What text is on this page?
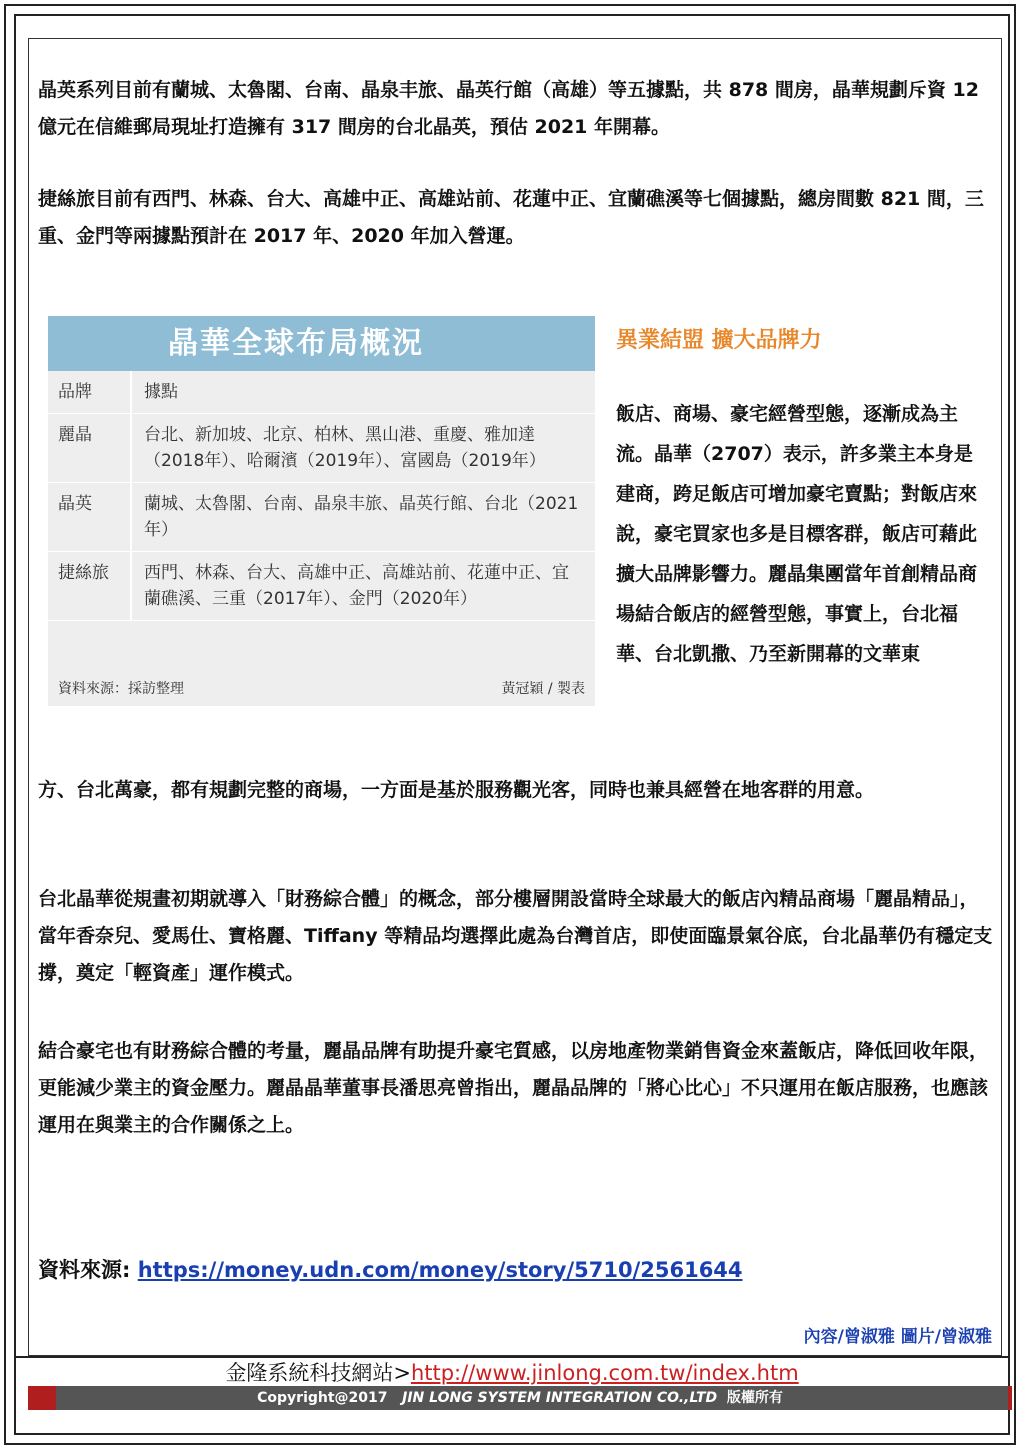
晶英系列目前有蘭城、太魯閣、台南、晶泉丰旅、晶英行館（高雄）等五據點，共 878 間房，晶華規劃斥資 12 億元在信維郵局現址打造擁有 317 間房的台北晶英，預估 2021 年開幕。

捷絲旅目前有西門、林森、台大、高雄中正、高雄站前、花蓮中正、宜蘭礁溪等七個據點，總房間數 821 間，三重、金門等兩據點預計在 2017 年、2020 年加入營運。

晶華全球布局概況
品牌	據點
麗晶	台北、新加坡、北京、柏林、黑山港、重慶、雅加達（2018年）、哈爾濱（2019年）、富國島（2019年）
晶英	蘭城、太魯閣、台南、晶泉丰旅、晶英行館、台北（2021年）
捷絲旅	西門、林森、台大、高雄中正、高雄站前、花蓮中正、宜蘭礁溪、三重（2017年）、金門（2020年）
資料來源：採訪整理	黃冠穎 / 製表
異業結盟 擴大品牌力

飯店、商場、豪宅經營型態，逐漸成為主流。晶華（2707）表示，許多業主本身是建商，跨足飯店可增加豪宅賣點；對飯店來說，豪宅買家也多是目標客群，飯店可藉此擴大品牌影響力。麗晶集團當年首創精品商場結合飯店的經營型態，事實上，台北福華、台北凱撒、乃至新開幕的文華東

方、台北萬豪，都有規劃完整的商場，一方面是基於服務觀光客，同時也兼具經營在地客群的用意。

台北晶華從規畫初期就導入「財務綜合體」的概念，部分樓層開設當時全球最大的飯店內精品商場「麗晶精品」，當年香奈兒、愛馬仕、寶格麗、Tiffany 等精品均選擇此處為台灣首店，即使面臨景氣谷底，台北晶華仍有穩定支撐，奠定「輕資產」運作模式。

結合豪宅也有財務綜合體的考量，麗晶品牌有助提升豪宅質感，以房地產物業銷售資金來蓋飯店，降低回收年限，更能減少業主的資金壓力。麗晶晶華董事長潘思亮曾指出，麗晶品牌的「將心比心」不只運用在飯店服務，也應該運用在與業主的合作關係之上。

資料來源: https://money.udn.com/money/story/5710/2561644
內容/曾淑雅 圖片/曾淑雅
金隆系統科技網站>http://www.jinlong.com.tw/index.htm
Copyright@2017 JIN LONG SYSTEM INTEGRATION CO.,LTD 版權所有
